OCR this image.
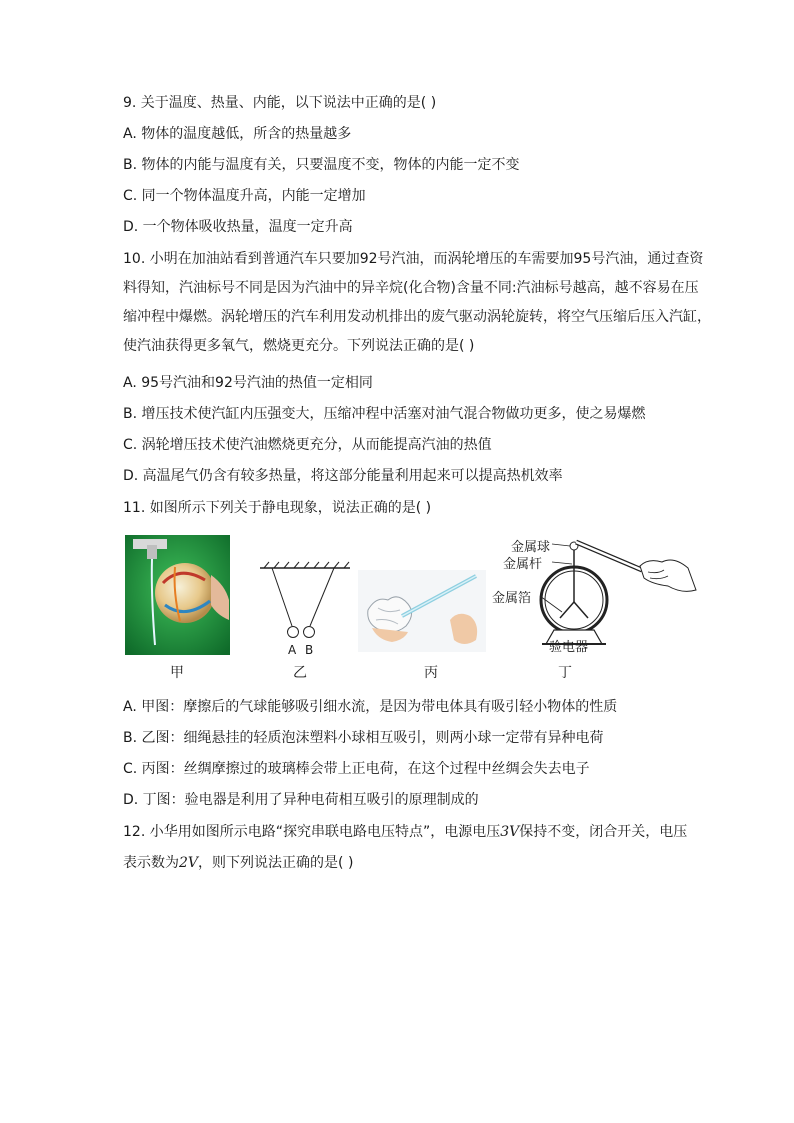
9. 关于温度、热量、内能，以下说法中正确的是( )
A. 物体的温度越低，所含的热量越多
B. 物体的内能与温度有关，只要温度不变，物体的内能一定不变
C. 同一个物体温度升高，内能一定增加
D. 一个物体吸收热量，温度一定升高
10. 小明在加油站看到普通汽车只要加92号汽油，而涡轮增压的车需要加95号汽油，通过查资
料得知，汽油标号不同是因为汽油中的异辛烷(化合物)含量不同:汽油标号越高，越不容易在压
缩冲程中爆燃。涡轮增压的汽车利用发动机排出的废气驱动涡轮旋转，将空气压缩后压入汽缸，
使汽油获得更多氧气，燃烧更充分。下列说法正确的是( )
A. 95号汽油和92号汽油的热值一定相同
B. 增压技术使汽缸内压强变大，压缩冲程中活塞对油气混合物做功更多，使之易爆燃
C. 涡轮增压技术使汽油燃烧更充分，从而能提高汽油的热值
D. 高温尾气仍含有较多热量，将这部分能量利用起来可以提高热机效率
11. 如图所示下列关于静电现象，说法正确的是( )
甲
A B
乙	丙
金属球
金属杆
金属箔
验电器
丁
A. 甲图：摩擦后的气球能够吸引细水流，是因为带电体具有吸引轻小物体的性质
B. 乙图：细绳悬挂的轻质泡沫塑料小球相互吸引，则两小球一定带有异种电荷
C. 丙图：丝绸摩擦过的玻璃棒会带上正电荷，在这个过程中丝绸会失去电子
D. 丁图：验电器是利用了异种电荷相互吸引的原理制成的
12. 小华用如图所示电路“探究串联电路电压特点”，电源电压3V保持不变，闭合开关，电压
表示数为2V，则下列说法正确的是( )
